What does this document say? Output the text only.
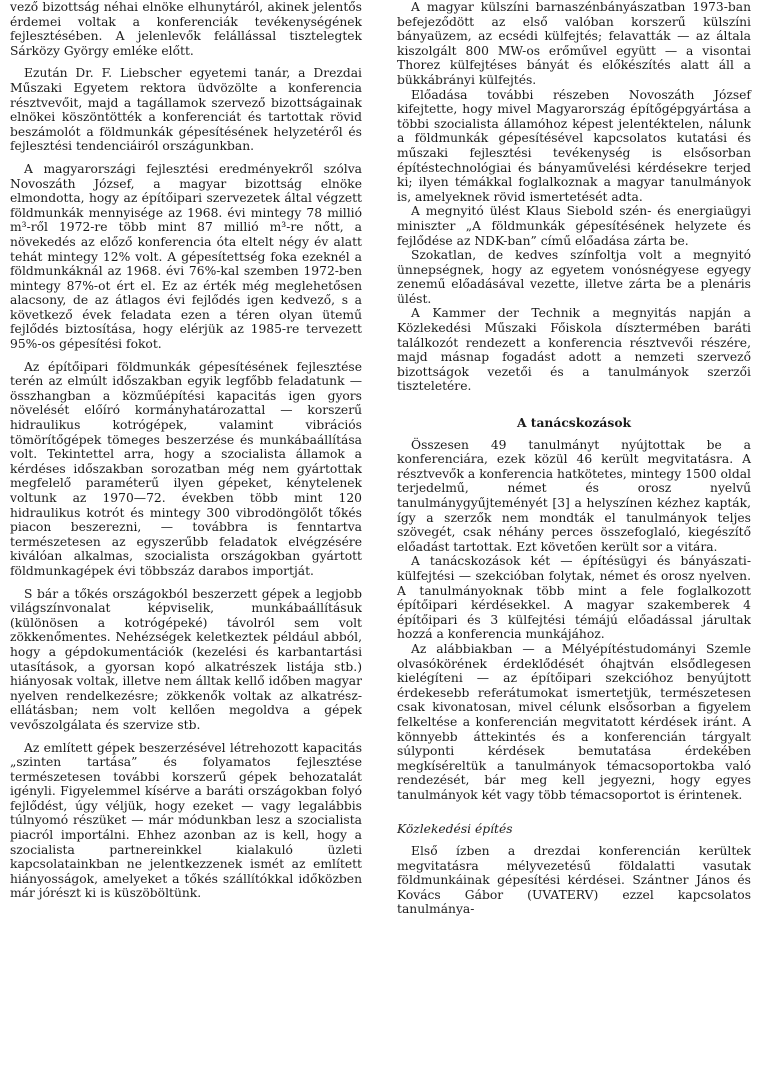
vező bizottság néhai elnöke elhunytáról, akinek jelentős érdemei voltak a konferenciák tevékenységének fejlesztésében. A jelenlevők felállással tisztelegtek Sárközy György emléke előtt.

Ezután Dr. F. Liebscher egyetemi tanár, a Drezdai Műszaki Egyetem rektora üdvözölte a konferencia résztvevőit, majd a tagállamok szervező bizottságainak elnökei köszöntötték a konferenciát és tartottak rövid beszámolót a földmunkák gépesítésének helyzetéről és fejlesztési tendenciáiról országunkban.

A magyarországi fejlesztési eredményekről szólva Novoszáth József, a magyar bizottság elnöke elmondotta, hogy az építőipari szervezetek által végzett földmunkák mennyisége az 1968. évi mintegy 78 millió m³-ről 1972-re több mint 87 millió m³-re nőtt, a növekedés az előző konferencia óta eltelt négy év alatt tehát mintegy 12% volt. A gépesítettség foka ezeknél a földmunkáknál az 1968. évi 76%-kal szemben 1972-ben mintegy 87%-ot ért el. Ez az érték még meglehetősen alacsony, de az átlagos évi fejlődés igen kedvező, s a következő évek feladata ezen a téren olyan ütemű fejlődés biztosítása, hogy elérjük az 1985-re tervezett 95%-os gépesítési fokot.

Az építőipari földmunkák gépesítésének fejlesztése terén az elmúlt időszakban egyik legfőbb feladatunk — összhangban a közműépítési kapacitás igen gyors növelését előíró kormányhatározattal — korszerű hidraulikus kotrógépek, valamint vibrációs tömörítőgépek tömeges beszerzése és munkábaállítása volt. Tekintettel arra, hogy a szocialista államok a kérdéses időszakban sorozatban még nem gyártottak megfelelő paraméterű ilyen gépeket, kénytelenek voltunk az 1970—72. években több mint 120 hidraulikus kotrót és mintegy 300 vibrodöngölőt tőkés piacon beszerezni, — továbbra is fenntartva természetesen az egyszerűbb feladatok elvégzésére kiválóan alkalmas, szocialista országokban gyártott földmunkagépek évi többszáz darabos importját.

S bár a tőkés országokból beszerzett gépek a legjobb világszínvonalat képviselik, munkábaállításuk (különösen a kotrógépeké) távolról sem volt zökkenőmentes. Nehézségek keletkeztek például abból, hogy a gépdokumentációk (kezelési és karbantartási utasítások, a gyorsan kopó alkatrészek listája stb.) hiányosak voltak, illetve nem álltak kellő időben magyar nyelven rendelkezésre; zökkenők voltak az alkatrész-ellátásban; nem volt kellően megoldva a gépek vevőszolgálata és szervize stb.

Az említett gépek beszerzésével létrehozott kapacitás „szinten tartása” és folyamatos fejlesztése természetesen további korszerű gépek behozatalát igényli. Figyelemmel kísérve a baráti országokban folyó fejlődést, úgy véljük, hogy ezeket — vagy legalábbis túlnyomó részüket — már módunkban lesz a szocialista piacról importálni. Ehhez azonban az is kell, hogy a szocialista partnereinkkel kialakuló üzleti kapcsolatainkban ne jelentkezzenek ismét az említett hiányosságok, amelyeket a tőkés szállítókkal időközben már jórészt ki is küszöböltünk.

A magyar külszíni barnaszénbányászatban 1973-ban befejeződött az első valóban korszerű külszíni bányaüzem, az ecsédi külfejtés; felavatták — az általa kiszolgált 800 MW-os erőművel együtt — a visontai Thorez külfejtéses bányát és előkészítés alatt áll a bükkábrányi külfejtés.

Előadása további részeben Novoszáth József kifejtette, hogy mivel Magyarország építőgépgyártása a többi szocialista államóhoz képest jelentéktelen, nálunk a földmunkák gépesítésével kapcsolatos kutatási és műszaki fejlesztési tevékenység is elsősorban építéstechnológiai és bányaművelési kérdésekre terjed ki; ilyen témákkal foglalkoznak a magyar tanulmányok is, amelyeknek rövid ismertetését adta.

A megnyitó ülést Klaus Siebold szén- és energiaügyi miniszter „A földmunkák gépesítésének helyzete és fejlődése az NDK-ban” című előadása zárta be.

Szokatlan, de kedves színfoltja volt a megnyitó ünnepségnek, hogy az egyetem vonósnégyese egyegy zenemű előadásával vezette, illetve zárta be a plenáris ülést.

A Kammer der Technik a megnyitás napján a Közlekedési Műszaki Főiskola dísztermében baráti találkozót rendezett a konferencia résztvevői részére, majd másnap fogadást adott a nemzeti szervező bizottságok vezetői és a tanulmányok szerzői tiszteletére.

A tanácskozások

Összesen 49 tanulmányt nyújtottak be a konferenciára, ezek közül 46 került megvitatásra. A résztvevők a konferencia hatkötetes, mintegy 1500 oldal terjedelmű, német és orosz nyelvű tanulmánygyűjteményét [3] a helyszínen kézhez kapták, így a szerzők nem mondták el tanulmányok teljes szövegét, csak néhány perces összefoglaló, kiegészítő előadást tartottak. Ezt követően került sor a vitára.

A tanácskozások két — építésügyi és bányászati-külfejtési — szekcióban folytak, német és orosz nyelven. A tanulmányoknak több mint a fele foglalkozott építőipari kérdésekkel. A magyar szakemberek 4 építőipari és 3 külfejtési témájú előadással járultak hozzá a konferencia munkájához.

Az alábbiakban — a Mélyépítéstudományi Szemle olvasókörének érdeklődését óhajtván elsődlegesen kielégíteni — az építőipari szekcióhoz benyújtott érdekesebb referátumokat ismertetjük, természetesen csak kivonatosan, mivel célunk elsősorban a figyelem felkeltése a konferencián megvitatott kérdések iránt. A könnyebb áttekintés és a konferencián tárgyalt súlyponti kérdések bemutatása érdekében megkíséreltük a tanulmányok témacsoportokba való rendezését, bár meg kell jegyezni, hogy egyes tanulmányok két vagy több témacsoportot is érintenek.

Közlekedési építés

Első ízben a drezdai konferencián kerültek megvitatásra mélyvezetésű földalatti vasutak földmunkáinak gépesítési kérdései. Szántner János és Kovács Gábor (UVATERV) ezzel kapcsolatos tanulmánya-
